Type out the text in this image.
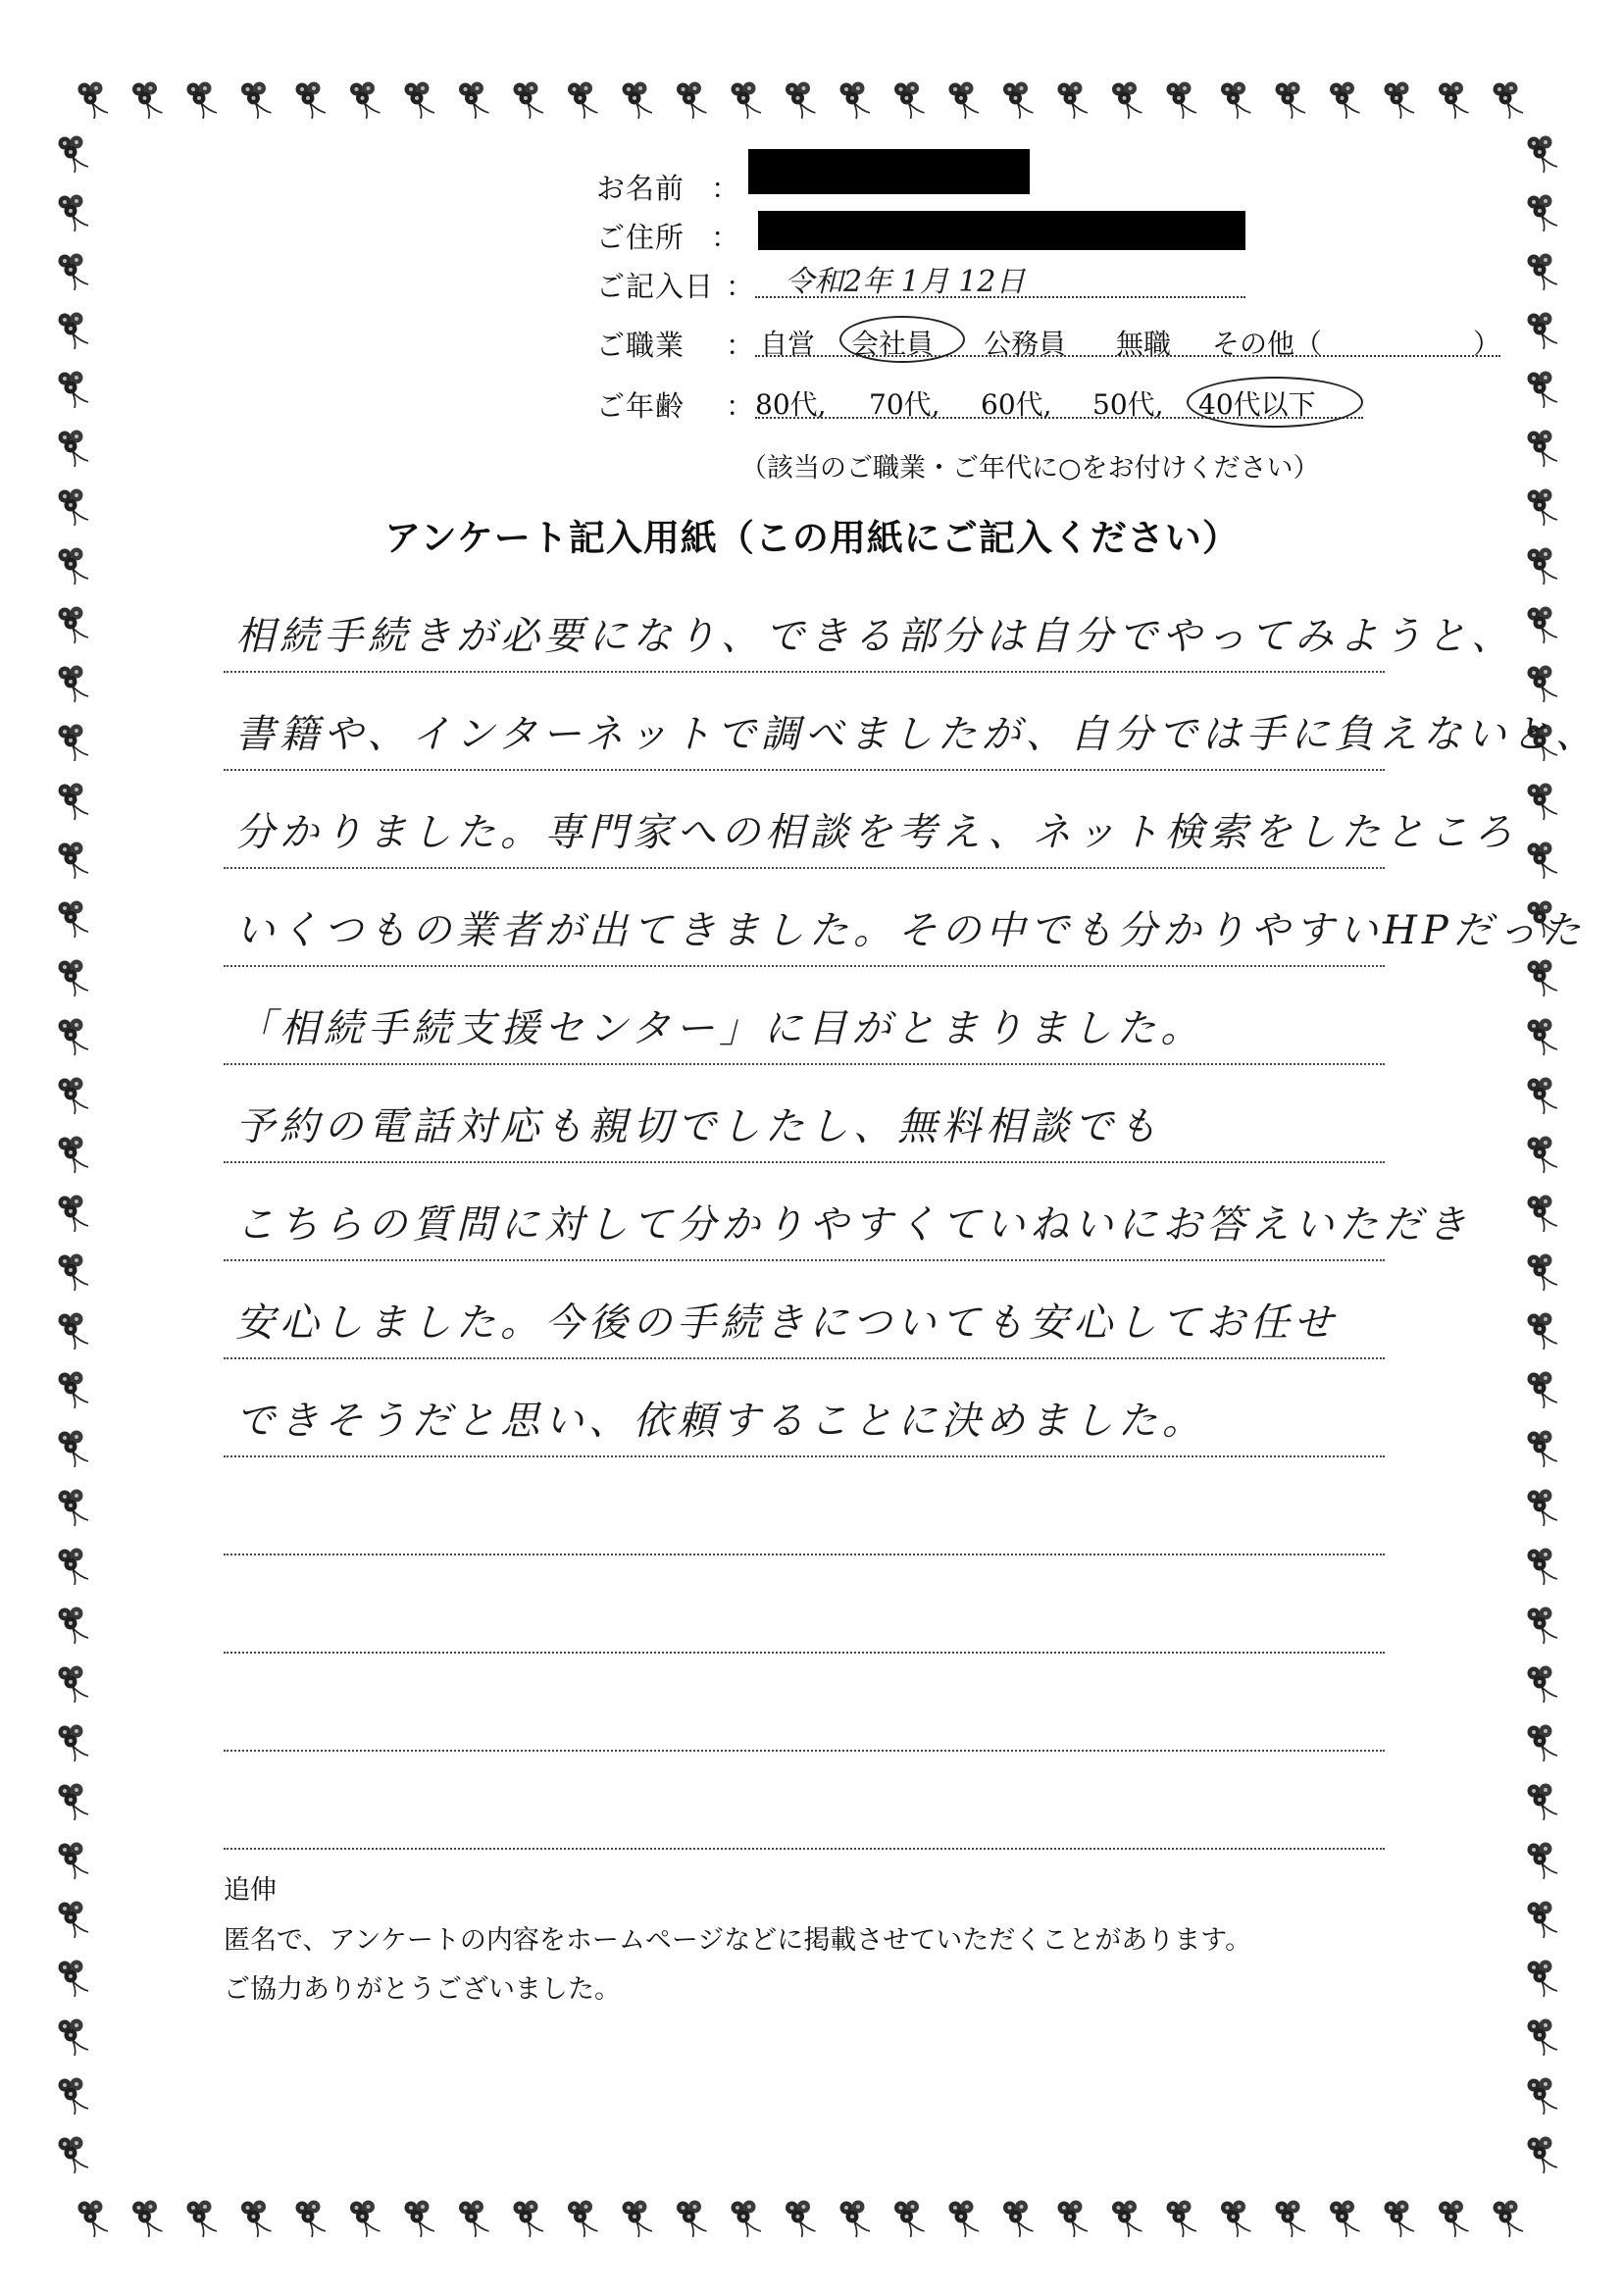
お名前 ：
ご住所 ：
ご記入日 ： 令和2年 1月 12日
ご職業 ： 自営 会社員 公務員 無職 その他（	）
ご年齢 ： 80代, 70代, 60代, 50代, 40代以下
（該当のご職業・ご年代に○をお付けください）
アンケート記入用紙（この用紙にご記入ください）
相続手続きが必要になり、できる部分は自分でやってみようと、
書籍や、インターネットで調べましたが、自分では手に負えないと、
分かりました。専門家への相談を考え、ネット検索をしたところ
いくつもの業者が出てきました。その中でも分かりやすいHPだった
「相続手続支援センター」に目がとまりました。
予約の電話対応も親切でしたし、無料相談でも
こちらの質問に対して分かりやすくていねいにお答えいただき
安心しました。今後の手続きについても安心してお任せ
できそうだと思い、依頼することに決めました。
追伸
匿名で、アンケートの内容をホームページなどに掲載させていただくことがあります。
ご協力ありがとうございました。
